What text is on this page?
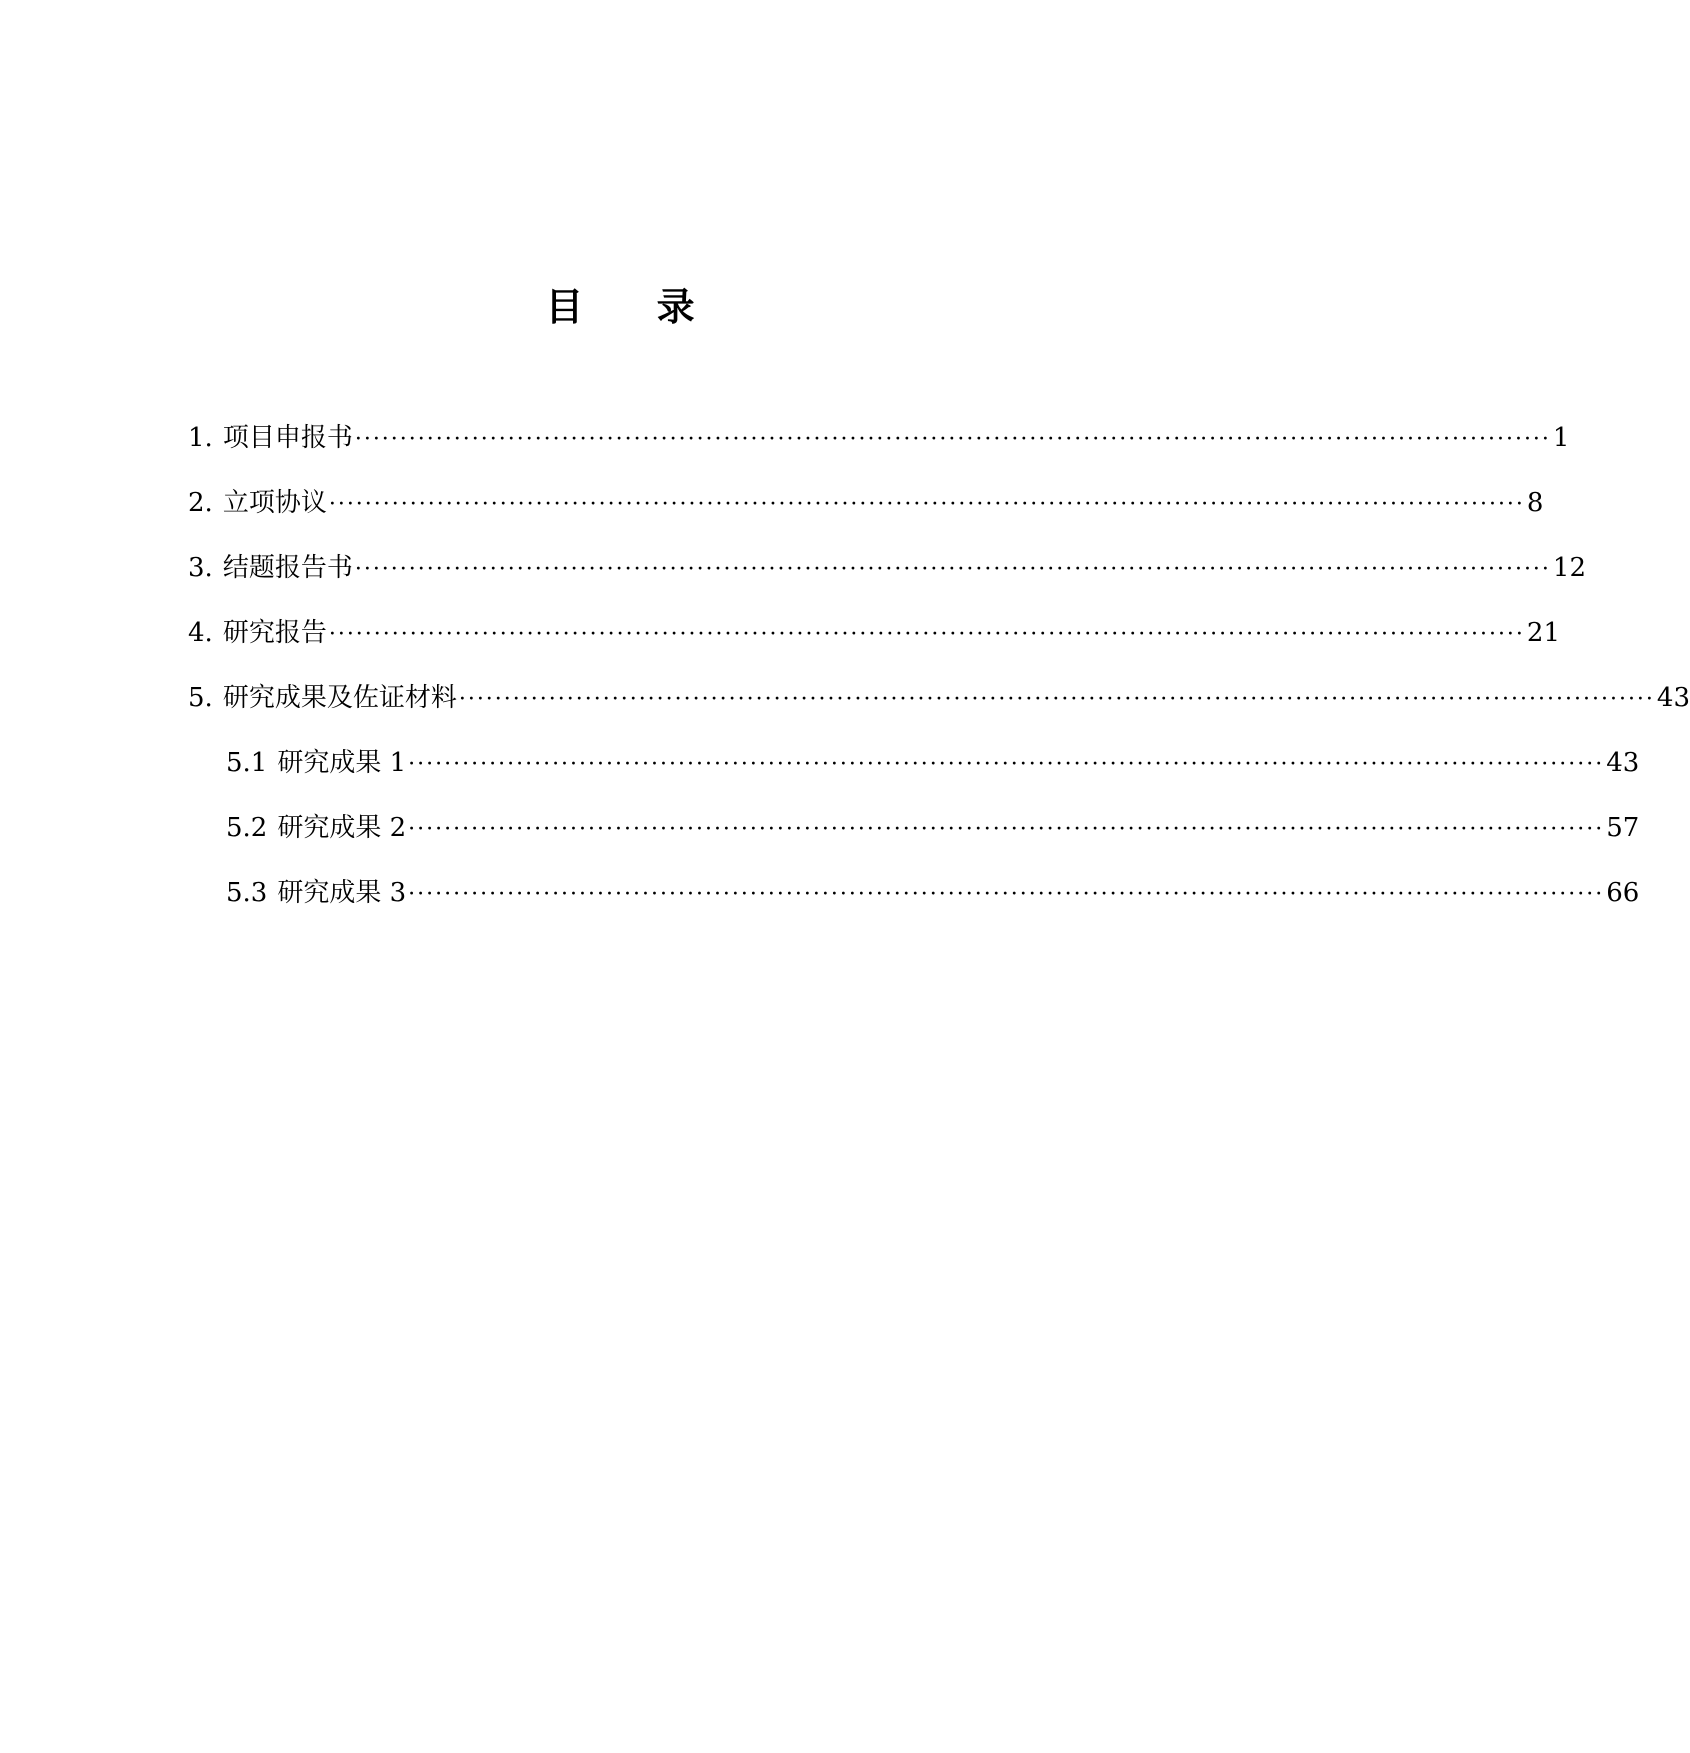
目 录
1. 项目申报书 ····································································································································· 1
2. 立项协议 ····································································································································· 8
3. 结题报告书 ····································································································································· 12
4. 研究报告 ····································································································································· 21
5. 研究成果及佐证材料 ····································································································································· 43
5.1 研究成果 1 ····································································································································· 43
5.2 研究成果 2 ····································································································································· 57
5.3 研究成果 3 ····································································································································· 66
